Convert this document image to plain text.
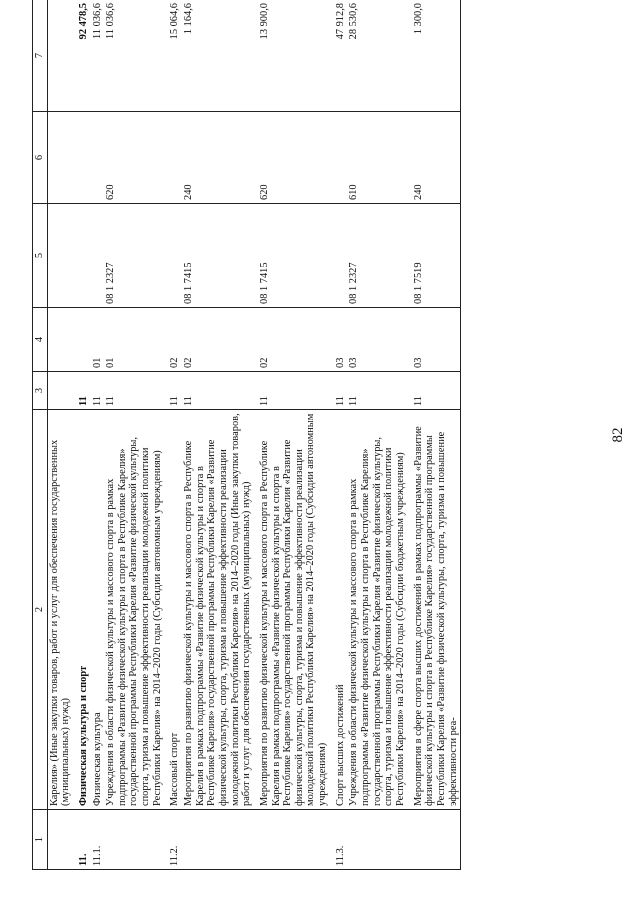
1	2	3	4	5	6	7
	Карелия» (Иные закупки товаров, работ и услуг для обеспечения государственных (муниципальных) нужд)					
11.	Физическая культура и спорт	11				92 478,5
11.1.	Физическая культура	11	01			11 036,6
	Учреждения в области физической культуры и массового спорта в рамках подпрограммы «Развитие физической культуры и спорта в Республике Карелия» государственной программы Республики Карелия «Развитие физической культуры, спорта, туризма и повышение эффективности реализации молодежной политики Республики Карелия» на 2014–2020 годы (Субсидии автономным учреждениям)	11	01	08 1 2327	620	11 036,6
11.2.	Массовый спорт	11	02			15 064,6
	Мероприятия по развитию физической культуры и массового спорта в Республике Карелия в рамках подпрограммы «Развитие физической культуры и спорта в Республике Карелия» государственной программы Республики Карелия «Развитие физической культуры, спорта, туризма и повышение эффективности реализации молодежной политики Республики Карелия» на 2014–2020 годы (Иные закупки товаров, работ и услуг для обеспечения государственных (муниципальных) нужд)	11	02	08 1 7415	240	1 164,6
	Мероприятия по развитию физической культуры и массового спорта в Республике Карелия в рамках подпрограммы «Развитие физической культуры и спорта в Республике Карелия» государственной программы Республики Карелия «Развитие физической культуры, спорта, туризма и повышение эффективности реализации молодежной политики Республики Карелия» на 2014–2020 годы (Субсидии автономным учреждениям)	11	02	08 1 7415	620	13 900,0
11.3.	Спорт высших достижений	11	03			47 912,8
	Учреждения в области физической культуры и массового спорта в рамках подпрограммы «Развитие физической культуры и спорта в Республике Карелия» государственной программы Республики Карелия «Развитие физической культуры, спорта, туризма и повышение эффективности реализации молодежной политики Республики Карелия» на 2014–2020 годы (Субсидии бюджетным учреждениям)	11	03	08 1 2327	610	28 530,6
	Мероприятия в сфере спорта высших достижений в рамках подпрограммы «Развитие физической культуры и спорта в Республике Карелия» государственной программы Республики Карелия «Развитие физической культуры, спорта, туризма и повышение эффективности реа-	11	03	08 1 7519	240	1 300,0
82
